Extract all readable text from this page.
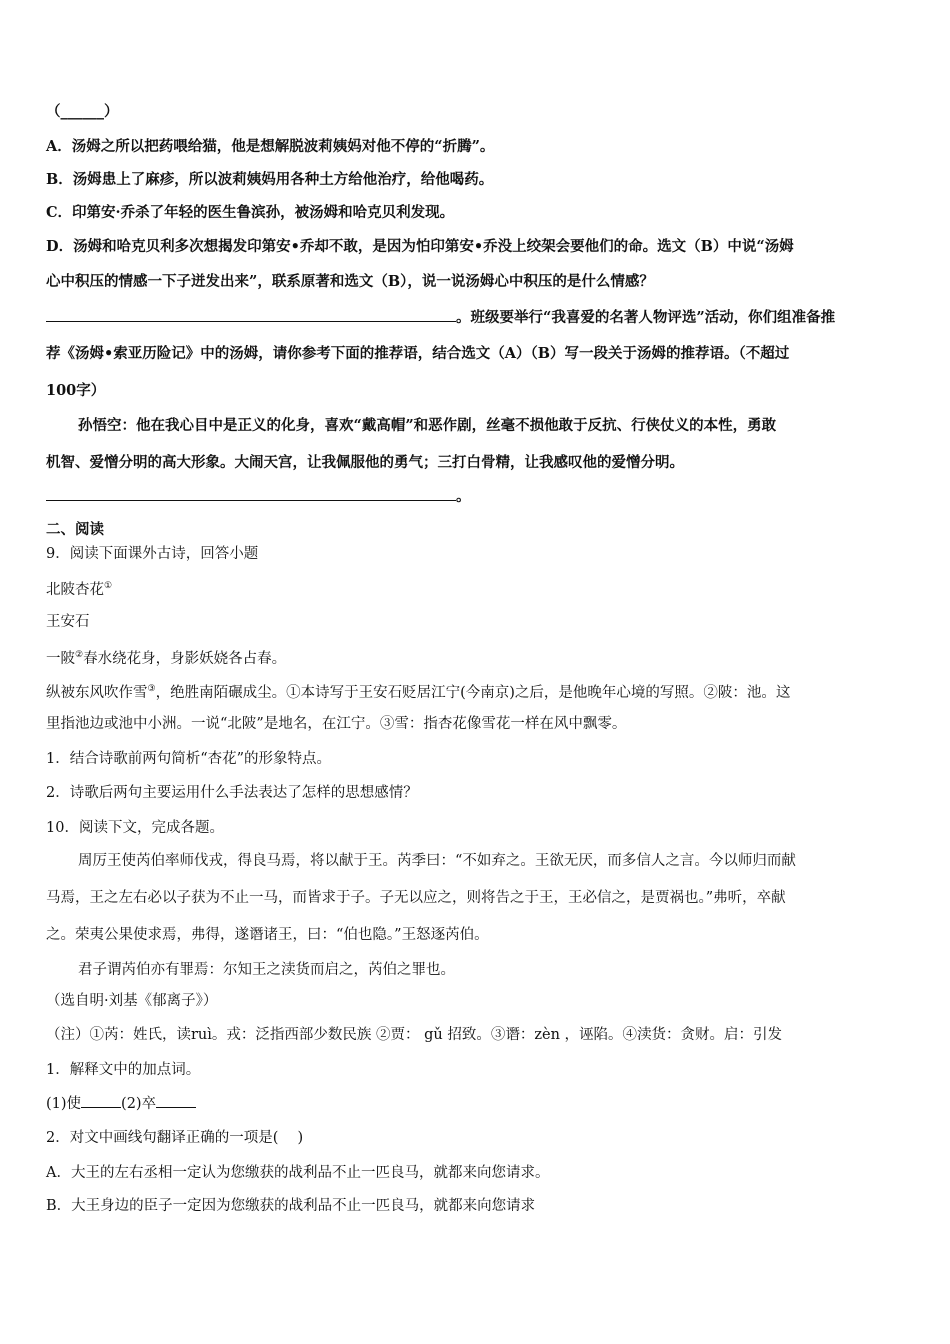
（______）
A．汤姆之所以把药喂给猫，他是想解脱波莉姨妈对他不停的“折腾”。
B．汤姆患上了麻疹，所以波莉姨妈用各种土方给他治疗，给他喝药。
C．印第安·乔杀了年轻的医生鲁滨孙，被汤姆和哈克贝利发现。
D．汤姆和哈克贝利多次想揭发印第安•乔却不敢，是因为怕印第安•乔没上绞架会要他们的命。选文（B）中说“汤姆
心中积压的情感一下子迸发出来”，联系原著和选文（B），说一说汤姆心中积压的是什么情感？
。班级要举行“我喜爱的名著人物评选”活动，你们组准备推
荐《汤姆•索亚历险记》中的汤姆，请你参考下面的推荐语，结合选文（A）（B）写一段关于汤姆的推荐语。（不超过
100字）
孙悟空：他在我心目中是正义的化身，喜欢“戴高帽”和恶作剧，丝毫不损他敢于反抗、行侠仗义的本性，勇敢
机智、爱憎分明的高大形象。大闹天宫，让我佩服他的勇气；三打白骨精，让我感叹他的爱憎分明。
。
二、阅读
9．阅读下面课外古诗，回答小题
北陂杏花①
王安石
一陂②春水绕花身，身影妖娆各占春。
纵被东风吹作雪③，绝胜南陌碾成尘。①本诗写于王安石贬居江宁(今南京)之后，是他晚年心境的写照。②陂：池。这
里指池边或池中小洲。一说“北陂”是地名，在江宁。③雪：指杏花像雪花一样在风中飘零。
1．结合诗歌前两句简析“杏花”的形象特点。
2．诗歌后两句主要运用什么手法表达了怎样的思想感情？
10．阅读下文，完成各题。
周厉王使芮伯率师伐戎，得良马焉，将以献于王。芮季曰：“不如弃之。王欲无厌，而多信人之言。今以师归而献
马焉，王之左右必以子获为不止一马，而皆求于子。子无以应之，则将告之于王，王必信之，是贾祸也。”弗听，卒献
之。荣夷公果使求焉，弗得，遂谮诸王，曰：“伯也隐。”王怒逐芮伯。
君子谓芮伯亦有罪焉：尔知王之渎货而启之，芮伯之罪也。
（选自明·刘基《郁离子》）
（注）①芮：姓氏，读ruì。戎：泛指西部少数民族 ②贾： gǔ 招致。③谮：zèn ，诬陷。④渎货：贪财。启：引发
1．解释文中的加点词。
(1)使	(2)卒
2．对文中画线句翻译正确的一项是(　 )
A．大王的左右丞相一定认为您缴获的战利品不止一匹良马，就都来向您请求。
B．大王身边的臣子一定因为您缴获的战利品不止一匹良马，就都来向您请求
